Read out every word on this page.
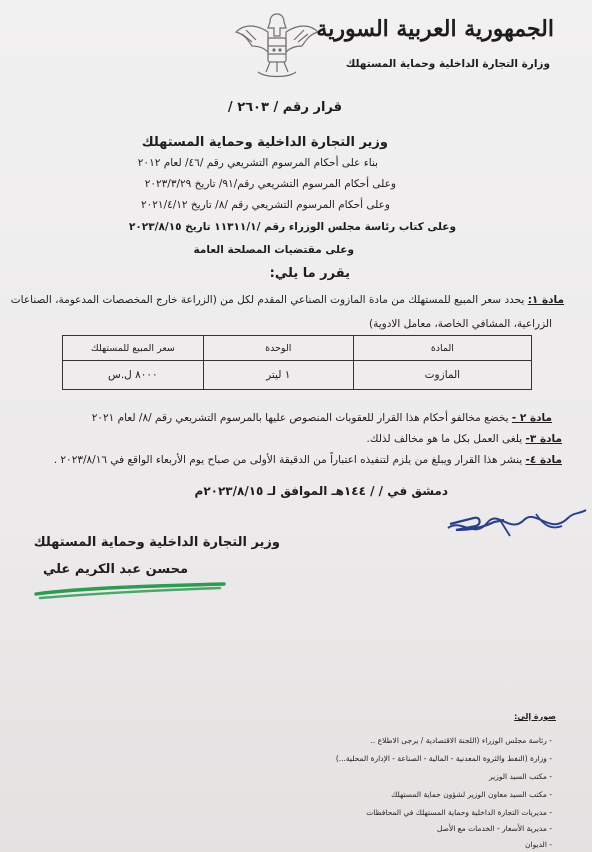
الجمهورية العربية السورية
وزارة التجارة الداخلية وحماية المستهلك
قرار رقم / ٢٦٠٣ /
وزير التجارة الداخلية وحماية المستهلك
بناء على أحكام المرسوم التشريعي رقم /٤٦/ لعام ٢٠١٢
وعلى أحكام المرسوم التشريعي رقم/٩١/ تاريخ ٢٠٢٣/٣/٢٩
وعلى أحكام المرسوم التشريعي رقم /٨/ تاريخ ٢٠٢١/٤/١٢
وعلى كتاب رئاسة مجلس الوزراء رقم /١١٣١١/١ تاريخ ٢٠٢٣/٨/١٥
وعلى مقتضيات المصلحة العامة
يقرر ما يلي:
مادة ١: يحدد سعر المبيع للمستهلك من مادة المازوت الصناعي المقدم لكل من (الزراعة خارج المخصصات المدعومة، الصناعات
الزراعية، المشافي الخاصة، معامل الادوية)
المادة	الوحدة	سعر المبيع للمستهلك
المازوت	١ ليتر	٨٠٠٠ ل.س
مادة ٢ - يخضع مخالفو أحكام هذا القرار للعقوبات المنصوص عليها بالمرسوم التشريعي رقم /٨/ لعام ٢٠٢١
مادة ٣- يلغى العمل بكل ما هو مخالف لذلك.
مادة ٤- ينشر هذا القرار ويبلغ من يلزم لتنفيذه اعتباراً من الدقيقة الأولى من صباح يوم الأربعاء الواقع في ٢٠٢٣/٨/١٦ .
دمشق في / / ١٤٤هـ الموافق لـ ٢٠٢٣/٨/١٥م
وزير التجارة الداخلية وحماية المستهلك
محسن عبد الكريم علي
صورة إلى:
- رئاسة مجلس الوزراء (اللجنة الاقتصادية / يرجى الاطلاع ..
- وزارة (النفط والثروة المعدنية - المالية - الصناعة - الإدارة المحلية...)
- مكتب السيد الوزير
- مكتب السيد معاون الوزير لشؤون حماية المستهلك
- مديريات التجارة الداخلية وحماية المستهلك في المحافظات
- مديرية الأسعار - الخدمات مع الأصل
- الديوان
